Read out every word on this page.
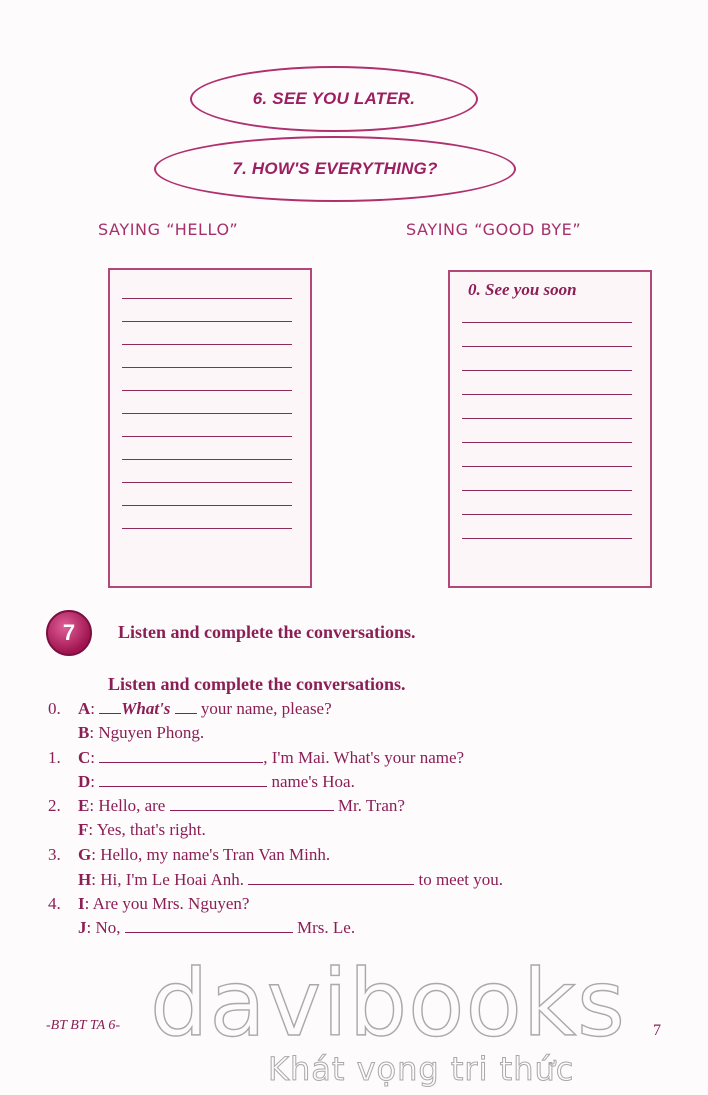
6. SEE YOU LATER.
7. HOW'S EVERYTHING?
SAYING “HELLO”	SAYING “GOOD BYE”
0. See you soon
7 Listen and complete the conversations.
Listen and complete the conversations.
0. A: What's  your name, please?
B: Nguyen Phong.
1. C:	, I'm Mai. What's your name?
D:	name's Hoa.
2. E: Hello, are	Mr. Tran?
F: Yes, that's right.
3. G: Hello, my name's Tran Van Minh.
H: Hi, I'm Le Hoai Anh.	to meet you.
4. I: Are you Mrs. Nguyen?
J: No,	Mrs. Le.
-BT BT TA 6-	7
davibooks
Khát vọng tri thức
